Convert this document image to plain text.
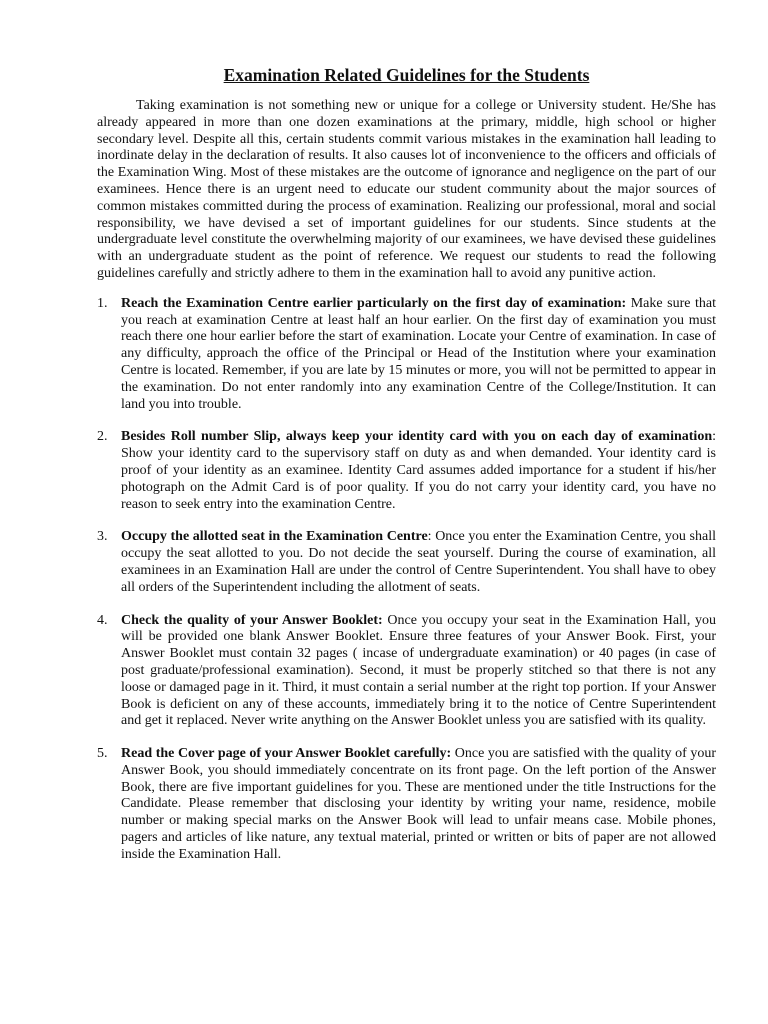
Examination Related Guidelines for the Students

Taking examination is not something new or unique for a college or University student. He/She has already appeared in more than one dozen examinations at the primary, middle, high school or higher secondary level. Despite all this, certain students commit various mistakes in the examination hall leading to inordinate delay in the declaration of results. It also causes lot of inconvenience to the officers and officials of the Examination Wing. Most of these mistakes are the outcome of ignorance and negligence on the part of our examinees. Hence there is an urgent need to educate our student community about the major sources of common mistakes committed during the process of examination. Realizing our professional, moral and social responsibility, we have devised a set of important guidelines for our students. Since students at the undergraduate level constitute the overwhelming majority of our examinees, we have devised these guidelines with an undergraduate student as the point of reference. We request our students to read the following guidelines carefully and strictly adhere to them in the examination hall to avoid any punitive action.

1. Reach the Examination Centre earlier particularly on the first day of examination: Make sure that you reach at examination Centre at least half an hour earlier. On the first day of examination you must reach there one hour earlier before the start of examination. Locate your Centre of examination. In case of any difficulty, approach the office of the Principal or Head of the Institution where your examination Centre is located. Remember, if you are late by 15 minutes or more, you will not be permitted to appear in the examination. Do not enter randomly into any examination Centre of the College/Institution. It can land you into trouble.
2. Besides Roll number Slip, always keep your identity card with you on each day of examination: Show your identity card to the supervisory staff on duty as and when demanded. Your identity card is proof of your identity as an examinee. Identity Card assumes added importance for a student if his/her photograph on the Admit Card is of poor quality. If you do not carry your identity card, you have no reason to seek entry into the examination Centre.
3. Occupy the allotted seat in the Examination Centre: Once you enter the Examination Centre, you shall occupy the seat allotted to you. Do not decide the seat yourself. During the course of examination, all examinees in an Examination Hall are under the control of Centre Superintendent. You shall have to obey all orders of the Superintendent including the allotment of seats.
4. Check the quality of your Answer Booklet: Once you occupy your seat in the Examination Hall, you will be provided one blank Answer Booklet. Ensure three features of your Answer Book. First, your Answer Booklet must contain 32 pages ( incase of undergraduate examination) or 40 pages (in case of post graduate/professional examination). Second, it must be properly stitched so that there is not any loose or damaged page in it. Third, it must contain a serial number at the right top portion. If your Answer Book is deficient on any of these accounts, immediately bring it to the notice of Centre Superintendent and get it replaced. Never write anything on the Answer Booklet unless you are satisfied with its quality.
5. Read the Cover page of your Answer Booklet carefully: Once you are satisfied with the quality of your Answer Book, you should immediately concentrate on its front page. On the left portion of the Answer Book, there are five important guidelines for you. These are mentioned under the title Instructions for the Candidate. Please remember that disclosing your identity by writing your name, residence, mobile number or making special marks on the Answer Book will lead to unfair means case. Mobile phones, pagers and articles of like nature, any textual material, printed or written or bits of paper are not allowed inside the Examination Hall.
